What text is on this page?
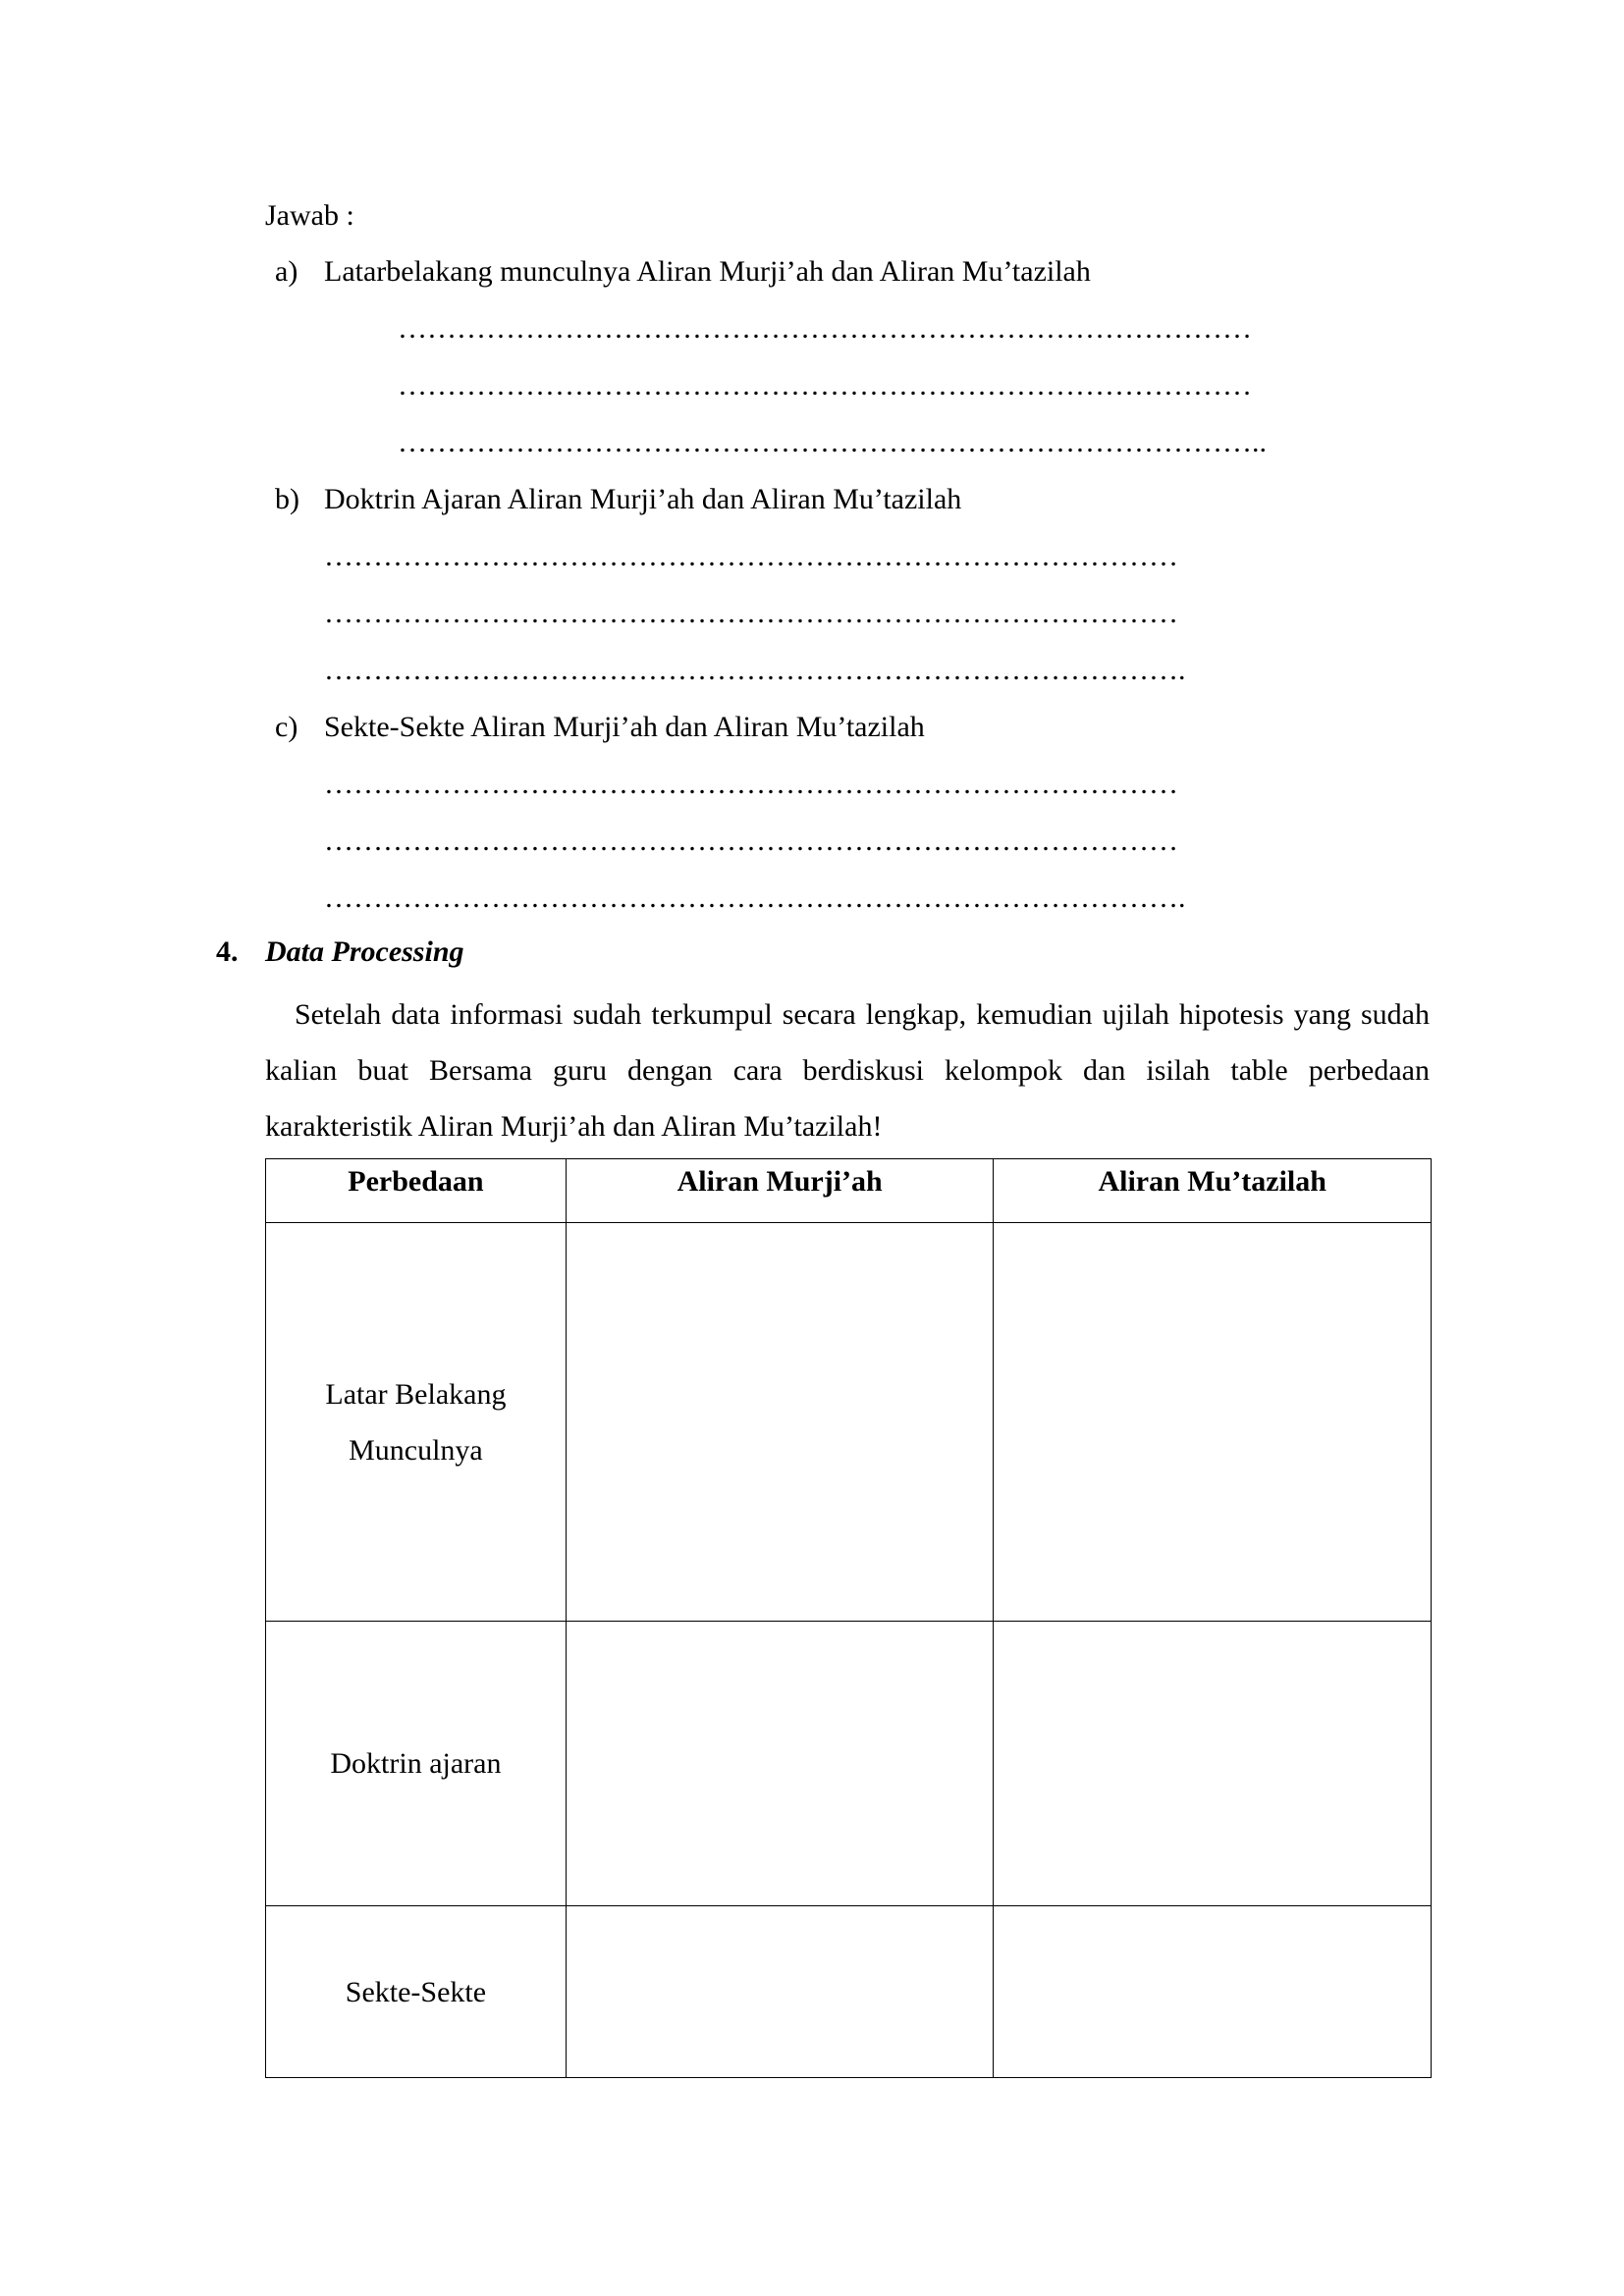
Jawab :
a) Latarbelakang munculnya Aliran Murji’ah dan Aliran Mu’tazilah
……………………………………………………………………………
……………………………………………………………………………
……………………………………………………………………………..
b) Doktrin Ajaran Aliran Murji’ah dan Aliran Mu’tazilah
……………………………………………………………………………
……………………………………………………………………………
…………………………………………………………………………….
c) Sekte-Sekte Aliran Murji’ah dan Aliran Mu’tazilah
……………………………………………………………………………
……………………………………………………………………………
…………………………………………………………………………….
4. Data Processing
Setelah data informasi sudah terkumpul secara lengkap, kemudian ujilah hipotesis yang sudah kalian buat Bersama guru dengan cara berdiskusi kelompok dan isilah table perbedaan karakteristik Aliran Murji’ah dan Aliran Mu’tazilah!
Perbedaan	Aliran Murji’ah	Aliran Mu’tazilah

Latar Belakang Munculnya		

Doktrin ajaran		

Sekte-Sekte		
